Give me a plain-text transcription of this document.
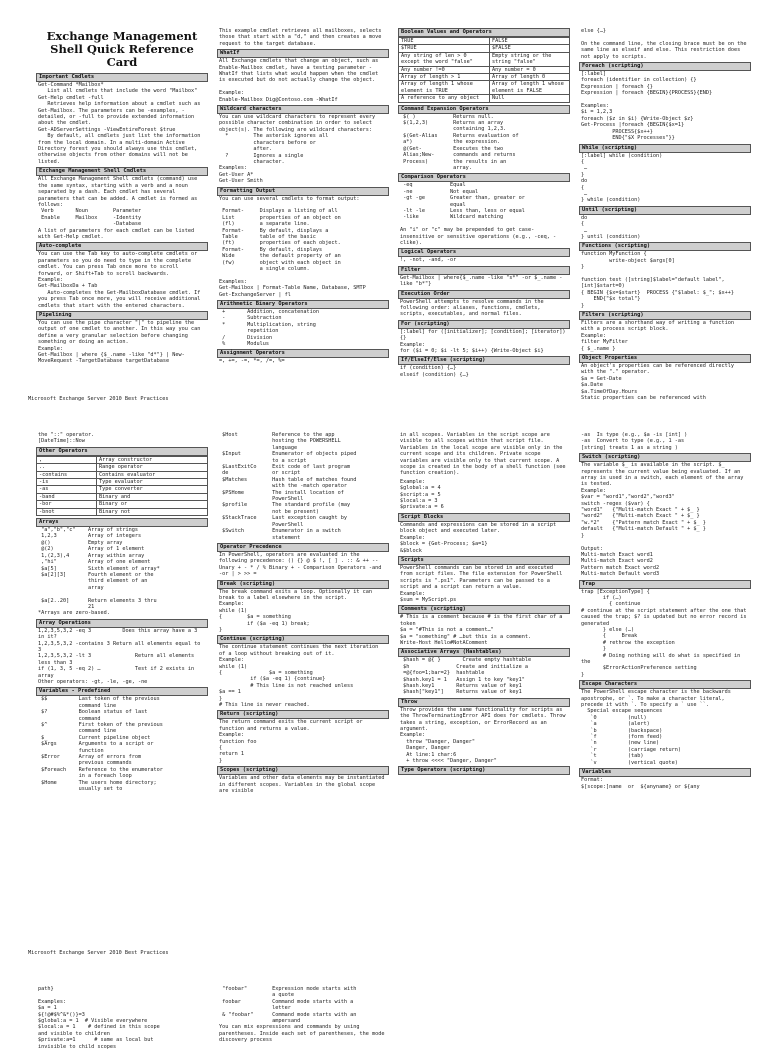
Exchange Management Shell Quick Reference Card
Important Cmdlets
Get-Command *Mailbox*
List all cmdlets that include the word "Mailbox"
Get-Help cmdlet -full
Retrieves help information about a cmdlet such as Get-Mailbox. The parameters can be -examples, -detailed, or -full to provide extended information about the cmdlet.
Get-ADServerSettings -ViewEntireForest $true
By default, all cmdlets just list the information from the local domain. In a multi-domain Active Directory forest you should always use this cmdlet, otherwise objects from other domains will not be listed.
Exchange Management Shell Cmdlets
All Exchange Management Shell cmdlets (command) use the same syntax, starting with a verb and a noun separated by a dash. Each cmdlet has several parameters that can be added. A cmdlet is formed as follows:
Verb       Noun        Parameter
Enable     Mailbox     -Identity
-Database
A list of parameters for each cmdlet can be listed with Get-Help cmdlet.
Auto-complete
You can use the Tab key to auto-complete cmdlets or parameters so you do need to type in the complete cmdlet. You can press Tab once more to scroll forward, or Shift+Tab to scroll backwards.
Example:
Get-MailboxDa + Tab
Auto-completes the Get-MailboxDatabase cmdlet. If you press Tab once more, you will receive additional cmdlets that start with the entered characters.
Pipelining
You can use the pipe character "|" to pipeline the output of one cmdlet to another. In this way you can define a very granular selection before changing something or doing an action.
Example:
Get-Mailbox | where {$_.name -like "d*"} | New-MoveRequest -TargetDatabase targetDatabase
This example cmdlet retrieves all mailboxes, selects those that start with a "d," and then creates a move request to the target database.
WhatIf
All Exchange cmdlets that change an object, such as Enable-Mailbox cmdlet, have a testing parameter -WhatIf that lists what would happen when the cmdlet is executed but do not actually change the object.

Example:
Enable-Mailbox Dig@Contoso.com -WhatIf
Wildcard characters
You can use wildcard characters to represent every possible character combination in order to select object(s). The following are wildcard characters:
*        The asterisk ignores all
characters before or
after.
?        Ignores a single
character.
Examples:
Get-User A*
Get-User Smith
Formatting Output
You can use several cmdlets to format output:

Format-     Displays a listing of all
List        properties of an object on
(fl)        a separate line.
Format-     By default, displays a
Table       table of the basic
(ft)        properties of each object.
Format-     By default, displays
Wide        the default property of an
(fw)        object with each object in
a single column.

Examples:
Get-Mailbox | Format-Table Name, Database, SMTP
Get-ExchangeServer | fl
Arithmetic Binary Operators
+       Addition, concatenation
-       Subtraction
*       Multiplication, string
repetition
/       Division
%       Modulus
Assignment Operators
=, +=, -=, *=, /=, %=
Boolean Values and Operators
TRUE	FALSE
$TRUE	$FALSE
Any string of len > 0 except the word "false"	Empty string or the string "false"
Any number !=0	Any number = 0
Array of length > 1	Array of length 0
Array of length 1 whose element is TRUE	Array of length 1 whose element is FALSE
A reference to any object	Null
Command Expansion Operators
$( )            Returns null.
$(1,2,3)        Returns an array
containing 1,2,3.
$(Get-Alias     Returns evaluation of
a*)             the expression.
@(Get-          Executes the two
Alias;New-      commands and returns
Process)        the results in an
array.
Comparison Operators
-eq            Equal
-ne            Not equal
-gt -ge        Greater than, greater or
equal
-lt -le        Less than, less or equal
-like          Wildcard matching

An "i" or "c" may be prepended to get case-insensitive or sensitive operations (e.g., -ceq, -clike).
Logical Operators
!, -not, -and, -or
Filter
Get-Mailbox | where{$_.name -like "s*" -or $_.name -like "b*"}
Execution Order
PowerShell attempts to resolve commands in the following order: aliases, functions, cmdlets, scripts, executables, and normal files.
For (scripting)
[:label] for ([initializer]; [condition]; [iterator]) {}
Example:
for ($i = 0; $i -lt 5; $i++) {Write-Object $i}
If/ElseIf/Else (scripting)
if (condition) {…}
elseif (condition) {…}
else {…}

On the command line, the closing brace must be on the same line as elseif and else. This restriction does not apply to scripts.
Foreach (scripting)
[:label]
foreach (identifier in collection) {}
Expression | foreach {}
Expression | foreach {BEGIN}{PROCESS}{END}

Examples:
$i = 1,2,3
foreach ($z in $i) {Write-Object $z}
Get-Process |foreach {BEGIN{$x=1}
PROCESS{$x++}
END{"$X Processes"}}
While (scripting)
[:label] while (condition)
{
…
}
do
{
…
} while (condition)
Until (scripting)
do
{
…
} until (condition)
Functions (scripting)
function MyFunction {
write-object $args[0]
}

function test ([string]$label="default label",[int]$start=0)
{ BEGIN {$x=$start}  PROCESS {"$label: $_"; $x++}
END{"$x total"}
}
Filters (scripting)
Filters are a shorthand way of writing a function with a process script block.
Example:
filter MyFilter
{ $_.name }
Object Properties
An object's properties can be referenced directly with the "." operator.
$a = Get-Date
$a.Date
$a.TimeOfDay.Hours
Static properties can be referenced with
Microsoft Exchange Server 2010 Best Practices
the "::" operator.
[DateTime]::Now
Other Operators
,	Array constructor
..	Range operator
-contains	Contains evaluator
-is	Type evaluator
-as	Type converter
-band	Binary and
-bor	Binary or
-bnot	Binary not
Arrays
"a","b","c"    Array of strings
1,2,3          Array of integers
@()            Empty array
@(2)           Array of 1 element
1,(2,3),4      Array within array
,"hi"          Array of one element
$a[5]          Sixth element of array*
$a[2][3]       Fourth element or the
third element of an
array

$a[2..20]      Return elements 3 thru
21
*Arrays are zero-based.
Array Operations
1,2,3,5,3,2 -eq 3          Does this array have a 3 in it?
1,2,3,5,3,2 -contains 3 Return all elements equal to 3
1,2,3,5,3,2 -lt 3              Return all elements less than 3
if (1, 3, 5 -eq 2) …           Test if 2 exists in array
Other operators: -gt, -le, -ge, -ne
Variables - Predefined
$$          Last token of the previous
command line
$?          Boolean status of last
command
$^          First token of the previous
command line
$_          Current pipeline object
$Args       Arguments to a script or
function
$Error      Array of errors from
previous commands
$Foreach    Reference to the enumerator
in a foreach loop
$Home       The users home directory;
usually set to
$Host           Reference to the app
hosting the POWERSHELL
language
$Input          Enumerator of objects piped
to a script
$LastExitCo     Exit code of last program
de              or script
$Matches        Hash table of matches found
with the -match operator
$PSHome         The install location of
PowerShell
$profile        The standard profile (may
not be present)
$StackTrace     Last exception caught by
PowerShell
$Switch         Enumerator in a switch
statement
Operator Precedence
In PowerShell, operators are evaluated in the following precedence: () {} @ $ !, [ ] . :: & ++ -- Unary + - * / % Binary + - Comparison Operators -and -or | > >> =
Break (scripting)
The break command exits a loop. Optionally it can break to a label elsewhere in the script.
Example:
while (1)
{        $a = something
if ($a -eq 1) break;
}
Continue (scripting)
The continue statement continues the next iteration of a loop without breaking out of it.
Example:
while (1)
{               $a = something
if ($a -eq 1) {continue}
# This line is not reached unless
$a == 1
}
# This line is never reached.
Return (scripting)
The return command exits the current script or function and returns a value.
Example:
function foo
{
return 1
}
Scopes (scripting)
Variables and other data elements may be instantiated in different scopes. Variables in the global scope are visible
in all scopes. Variables in the script scope are visible to all scopes within that script file. Variables in the local scope are visible only in the current scope and its children. Private scope variables are visible only to that current scope. A scope is created in the body of a shell function (see function creation).
Example:
$global:a = 4
$script:a = 5
$local:a = 3
$private:a = 6
Script Blocks
Commands and expressions can be stored in a script block object and executed later.
Example:
$block = {Get-Process; $a=1}
&$block
Scripts
PowerShell commands can be stored in and executed from script files. The file extension for PowerShell scripts is ".ps1". Parameters can be passed to a script and a script can return a value.
Example:
$sum = MyScript.ps
Comments (scripting)
# This is a comment because # is the first char of a token
$a = "#This is not a comment…"
$a = "something" # …but this is a comment.
Write-Host Hello#NotAComment
Associative Arrays (Hashtables)
$hash = @{ }       Create empty hashtable
$h               Create and initialize a
=@{foo=1;bar=2}  hashtable
$hash.key1 = 1   Assign 1 to key "key1"
$hash.key1       Returns value of key1
$hash["key1"]    Returns value of key1
Throw
Throw provides the same functionality for scripts as the ThrowTerminatingError API does for cmdlets. Throw takes a string, exception, or ErrorRecord as an argument.
Example:
throw "Danger, Danger"
Danger, Danger
At line:1 char:6
+ throw <<<< "Danger, Danger"
Type Operators (scripting)
-as  Is type (e.g., $a -is [int] )
-as  Convert to type (e.g., 1 -as
[string] treats 1 as a string )
Switch (scripting)
The variable $_ is available in the script. $_ represents the current value being evaluated. If an array is used in a switch, each element of the array is tested.
Example:
$var = "word1","word2","word3"
switch -regex ($var) {
"word1"   {"Multi-match Exact " + $_ }
"word2"   {"Multi-match Exact " + $_ }
"w.*2"    {"Pattern match Exact " + $_ }
default   {"Multi-match Default " + $_ }
}

Output:
Multi-match Exact word1
Multi-match Exact word2
Pattern match Exact word2
Multi-match Default word3
Trap
trap [ExceptionType] {
if (…)
{ continue
# continue at the script statement after the one that caused the trap; $? is updated but no error record is generated
} else (…)
{     Break
# rethrow the exception
}
# Doing nothing will do what is specified in the
$ErrorActionPreference setting
}
Escape Characters
The PowerShell escape character is the backwards apostrophe, or `. To make a character literal, precede it with `. To specify a ` use ``.
Special escape sequences
`0          (null)
`a          (alert)
`b          (backspace)
`f          (form feed)
`n          (new line)
`r          (carriage return)
`t          (tab)
`v          (vertical quote)
Variables
Format:
$[scope:]name  or  ${anyname} or ${any
Microsoft Exchange Server 2010 Best Practices
path}

Examples:
$a = 1
${!@#$%^&*()}=3
$global:a = 1  # Visible everywhere
$local:a = 1    # defined in this scope
and visible to children
$private:a=1      # same as local but
invisible to child scopes
"foobar"        Expression mode starts with
a quote
foobar          Command mode starts with a
letter
& "foobar"      Command mode starts with an
ampersand
You can mix expressions and commands by using parentheses. Inside each set of parentheses, the mode discovery process
